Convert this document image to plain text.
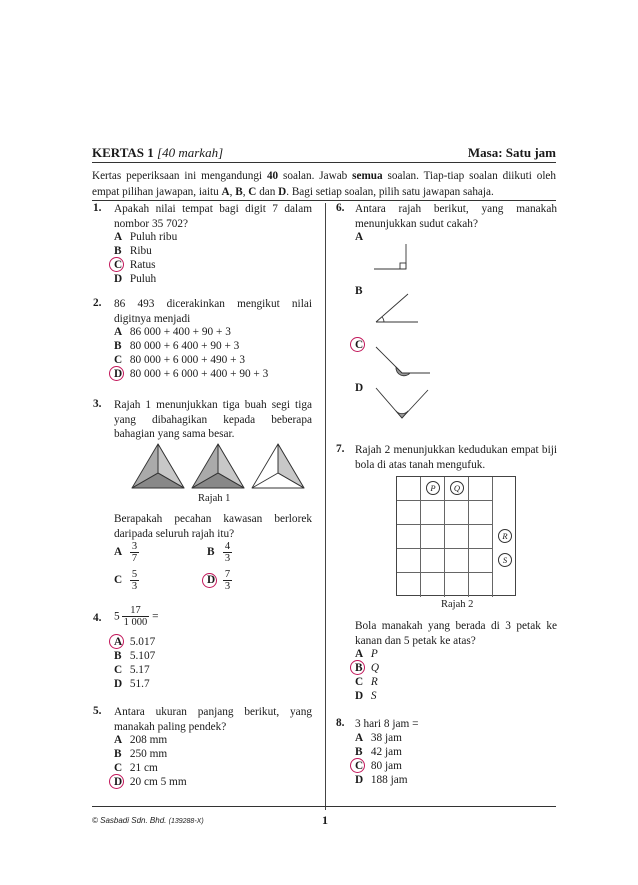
KERTAS 1 [40 markah]	Masa: Satu jam
Kertas peperiksaan ini mengandungi 40 soalan. Jawab semua soalan. Tiap-tiap soalan diikuti oleh empat pilihan jawapan, iaitu A, B, C dan D. Bagi setiap soalan, pilih satu jawapan sahaja.
1. Apakah nilai tempat bagi digit 7 dalam nombor 35 702?
A Puluh ribu
B Ribu
C Ratus
D Puluh
2. 86 493 dicerakinkan mengikut nilai digitnya menjadi
A 86 000 + 400 + 90 + 3
B 80 000 + 6 400 + 90 + 3
C 80 000 + 6 000 + 490 + 3
D 80 000 + 6 000 + 400 + 90 + 3
3. Rajah 1 menunjukkan tiga buah segi tiga yang dibahagikan kepada beberapa bahagian yang sama besar.
Rajah 1
Berapakah pecahan kawasan berlorek daripada seluruh rajah itu?
A $\frac{3}{7}$	B $\frac{4}{3}$
C $\frac{5}{3}$	D $\frac{7}{3}$
4. $5 \frac{17}{1 000}$ =
A 5.017
B 5.107
C 5.17
D 51.7
5. Antara ukuran panjang berikut, yang manakah paling pendek?
A 208 mm
B 250 mm
C 21 cm
D 20 cm 5 mm
6. Antara rajah berikut, yang manakah menunjukkan sudut cakah?
A
B
C
D
7. Rajah 2 menunjukkan kedudukan empat biji bola di atas tanah mengufuk.
P	Q
R
S
Rajah 2
Bola manakah yang berada di 3 petak ke kanan dan 5 petak ke atas?
A P
B Q
C R
D S
8. 3 hari 8 jam =
A 38 jam
B 42 jam
C 80 jam
D 188 jam
© Sasbadi Sdn. Bhd. (139288-X)	1
